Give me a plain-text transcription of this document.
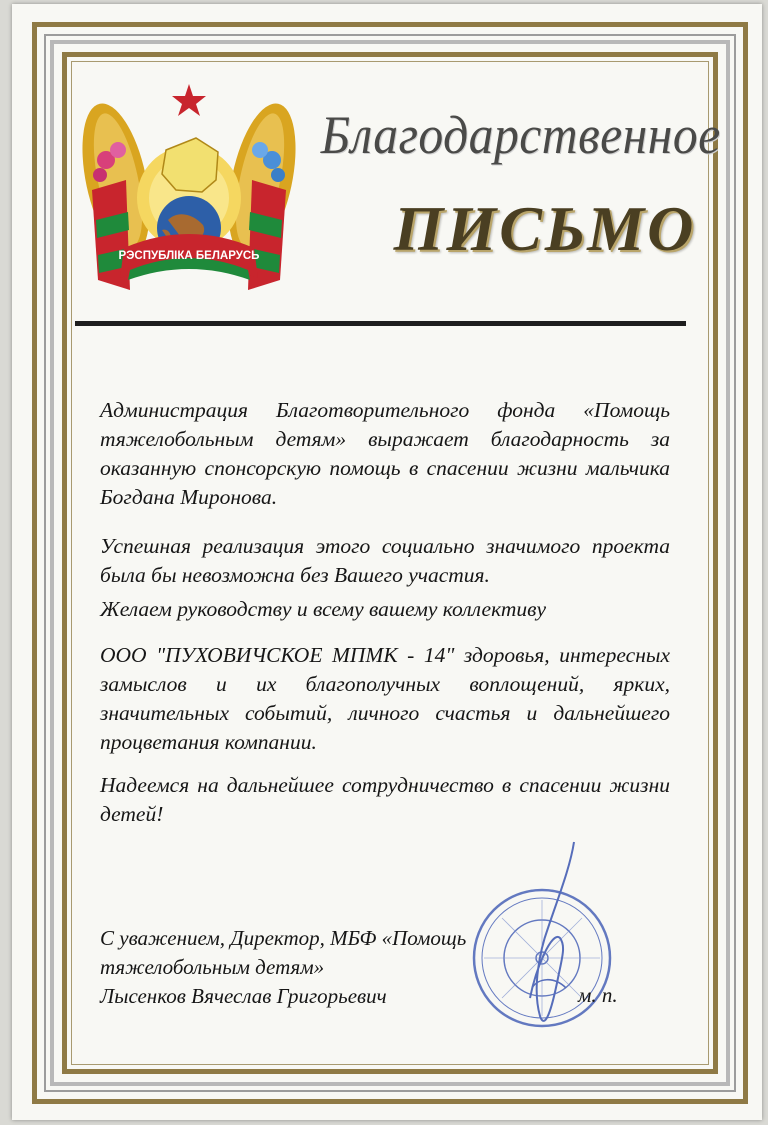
РЭСПУБЛІКА БЕЛАРУСЬ
Благодарственное
ПИСЬМО
Администрация Благотворительного фонда «Помощь тяжелобольным детям» выражает благодарность за оказанную спонсорскую помощь в спасении жизни мальчика Богдана Миронова.
Успешная реализация этого социально значимого проекта была бы невозможна без Вашего участия.
Желаем руководству и всему вашему коллективу
ООО "ПУХОВИЧСКОЕ МПМК - 14" здоровья, интересных замыслов и их благополучных воплощений, ярких, значительных событий, личного счастья и дальнейшего процветания компании.
Надеемся на дальнейшее сотрудничество в спасении жизни детей!
С уважением, Директор, МБФ «Помощь
тяжелобольным детям»
Лысенков Вячеслав Григорьевич	м. п.
